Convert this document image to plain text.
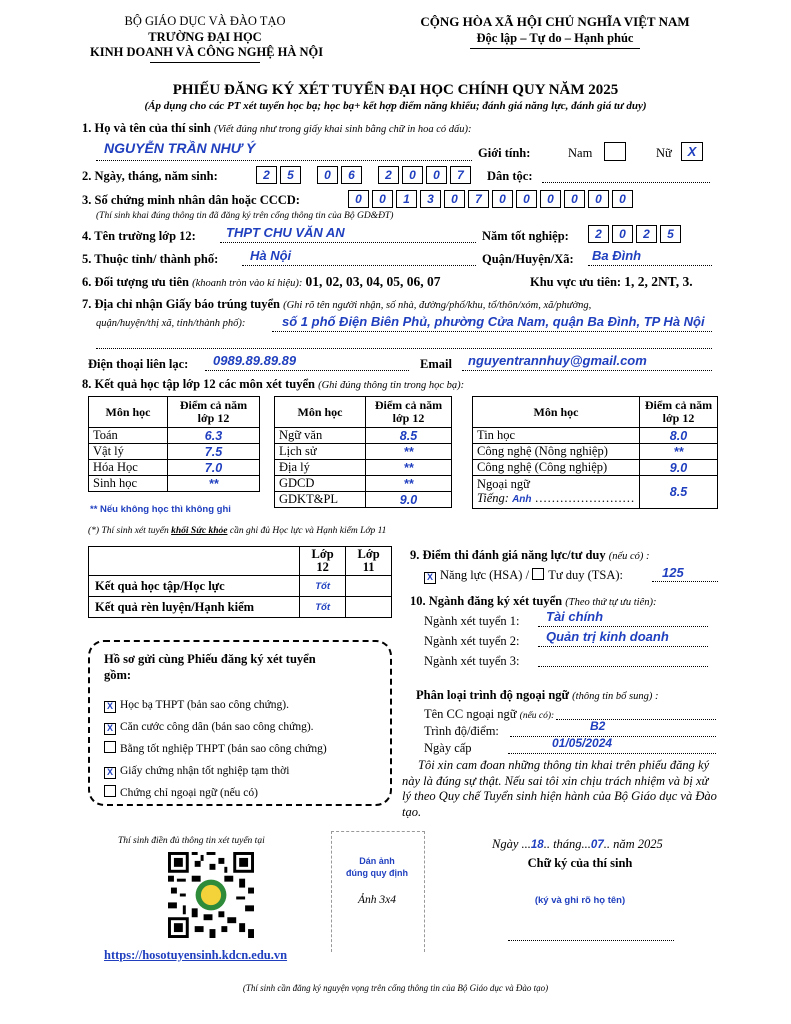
BỘ GIÁO DỤC VÀ ĐÀO TẠO
TRƯỜNG ĐẠI HỌC
KINH DOANH VÀ CÔNG NGHỆ HÀ NỘI
CỘNG HÒA XÃ HỘI CHỦ NGHĨA VIỆT NAM
Độc lập – Tự do – Hạnh phúc
PHIẾU ĐĂNG KÝ XÉT TUYỂN ĐẠI HỌC CHÍNH QUY NĂM 2025
(Áp dụng cho các PT xét tuyển học bạ; học bạ+ kết hợp điểm năng khiếu; đánh giá năng lực, đánh giá tư duy)
1. Họ và tên của thí sinh (Viết đúng như trong giấy khai sinh bằng chữ in hoa có dấu):
NGUYỄN TRẦN NHƯ Ý	Giới tính:	Nam	Nữ	X
2. Ngày, tháng, năm sinh:	2	5	0	6	2	0	0	7	Dân tộc:
3. Số chứng minh nhân dân hoặc CCCD:	0	0	1	3	0	7	0	0	0	0	0	0
(Thí sinh khai đúng thông tin đã đăng ký trên cổng thông tin của Bộ GD&ĐT)
4. Tên trường lớp 12:	THPT CHU VĂN AN	Năm tốt nghiệp:	2	0	2	5
5. Thuộc tỉnh/ thành phố:	Hà Nội	Quận/Huyện/Xã:	Ba Đình
6. Đối tượng ưu tiên (khoanh tròn vào kí hiệu): 01, 02, 03, 04, 05, 06, 07	Khu vực ưu tiên: 1, 2, 2NT, 3.
7. Địa chỉ nhận Giấy báo trúng tuyển (Ghi rõ tên người nhận, số nhà, đường/phố/khu, tổ/thôn/xóm, xã/phường,
quận/huyện/thị xã, tỉnh/thành phố):	số 1 phố Điện Biên Phủ, phường Cửa Nam, quận Ba Đình, TP Hà Nội
Điện thoại liên lạc:	0989.89.89.89	Email	nguyentrannhuy@gmail.com
8. Kết quả học tập lớp 12 các môn xét tuyển (Ghi đúng thông tin trong học bạ):
Môn học	Điểm cả năm lớp 12
Toán	6.3
Vật lý	7.5
Hóa Học	7.0
Sinh học	**
** Nếu không học thì không ghi
Môn học	Điểm cả năm lớp 12
Ngữ văn	8.5
Lịch sử	**
Địa lý	**
GDCD	**
GDKT&PL	9.0
Môn học	Điểm cả năm lớp 12
Tin học	8.0
Công nghệ (Nông nghiệp)	**
Công nghệ (Công nghiệp)	9.0
Ngoại ngữ
Tiếng: Anh ……………………	8.5
(*) Thí sinh xét tuyển khối Sức khỏe cần ghi đủ Học lực và Hạnh kiểm Lớp 11
	Lớp 12	Lớp 11
Kết quả học tập/Học lực	Tốt	
Kết quả rèn luyện/Hạnh kiểm	Tốt	
Hồ sơ gửi cùng Phiếu đăng ký xét tuyển
gồm:
X Học bạ THPT (bản sao công chứng).
X Căn cước công dân (bản sao công chứng).
Bằng tốt nghiệp THPT (bản sao công chứng)
X Giấy chứng nhận tốt nghiệp tạm thời
Chứng chỉ ngoại ngữ (nếu có)
9. Điểm thi đánh giá năng lực/tư duy (nếu có) :
X Năng lực (HSA) / Tư duy (TSA):	125
10. Ngành đăng ký xét tuyển (Theo thứ tự ưu tiên):
Ngành xét tuyển 1:	Tài chính
Ngành xét tuyển 2:	Quản trị kinh doanh
Ngành xét tuyển 3:
Phân loại trình độ ngoại ngữ (thông tin bổ sung) :
Tên CC ngoại ngữ (nếu có):
Trình độ/điểm:	B2
Ngày cấp	01/05/2024
Tôi xin cam đoan những thông tin khai trên phiếu đăng ký này là đúng sự thật. Nếu sai tôi xin chịu trách nhiệm và bị xử lý theo Quy chế Tuyển sinh hiện hành của Bộ Giáo dục và Đào tạo.
Ngày ...18.. tháng...07.. năm 2025
Chữ ký của thí sinh
(ký và ghi rõ họ tên)
Dán ảnh
đúng quy định
Ảnh 3x4
Thí sinh điền đủ thông tin xét tuyển tại
https://hosotuyensinh.kdcn.edu.vn
(Thí sinh cần đăng ký nguyện vọng trên cổng thông tin của Bộ Giáo dục và Đào tạo)
